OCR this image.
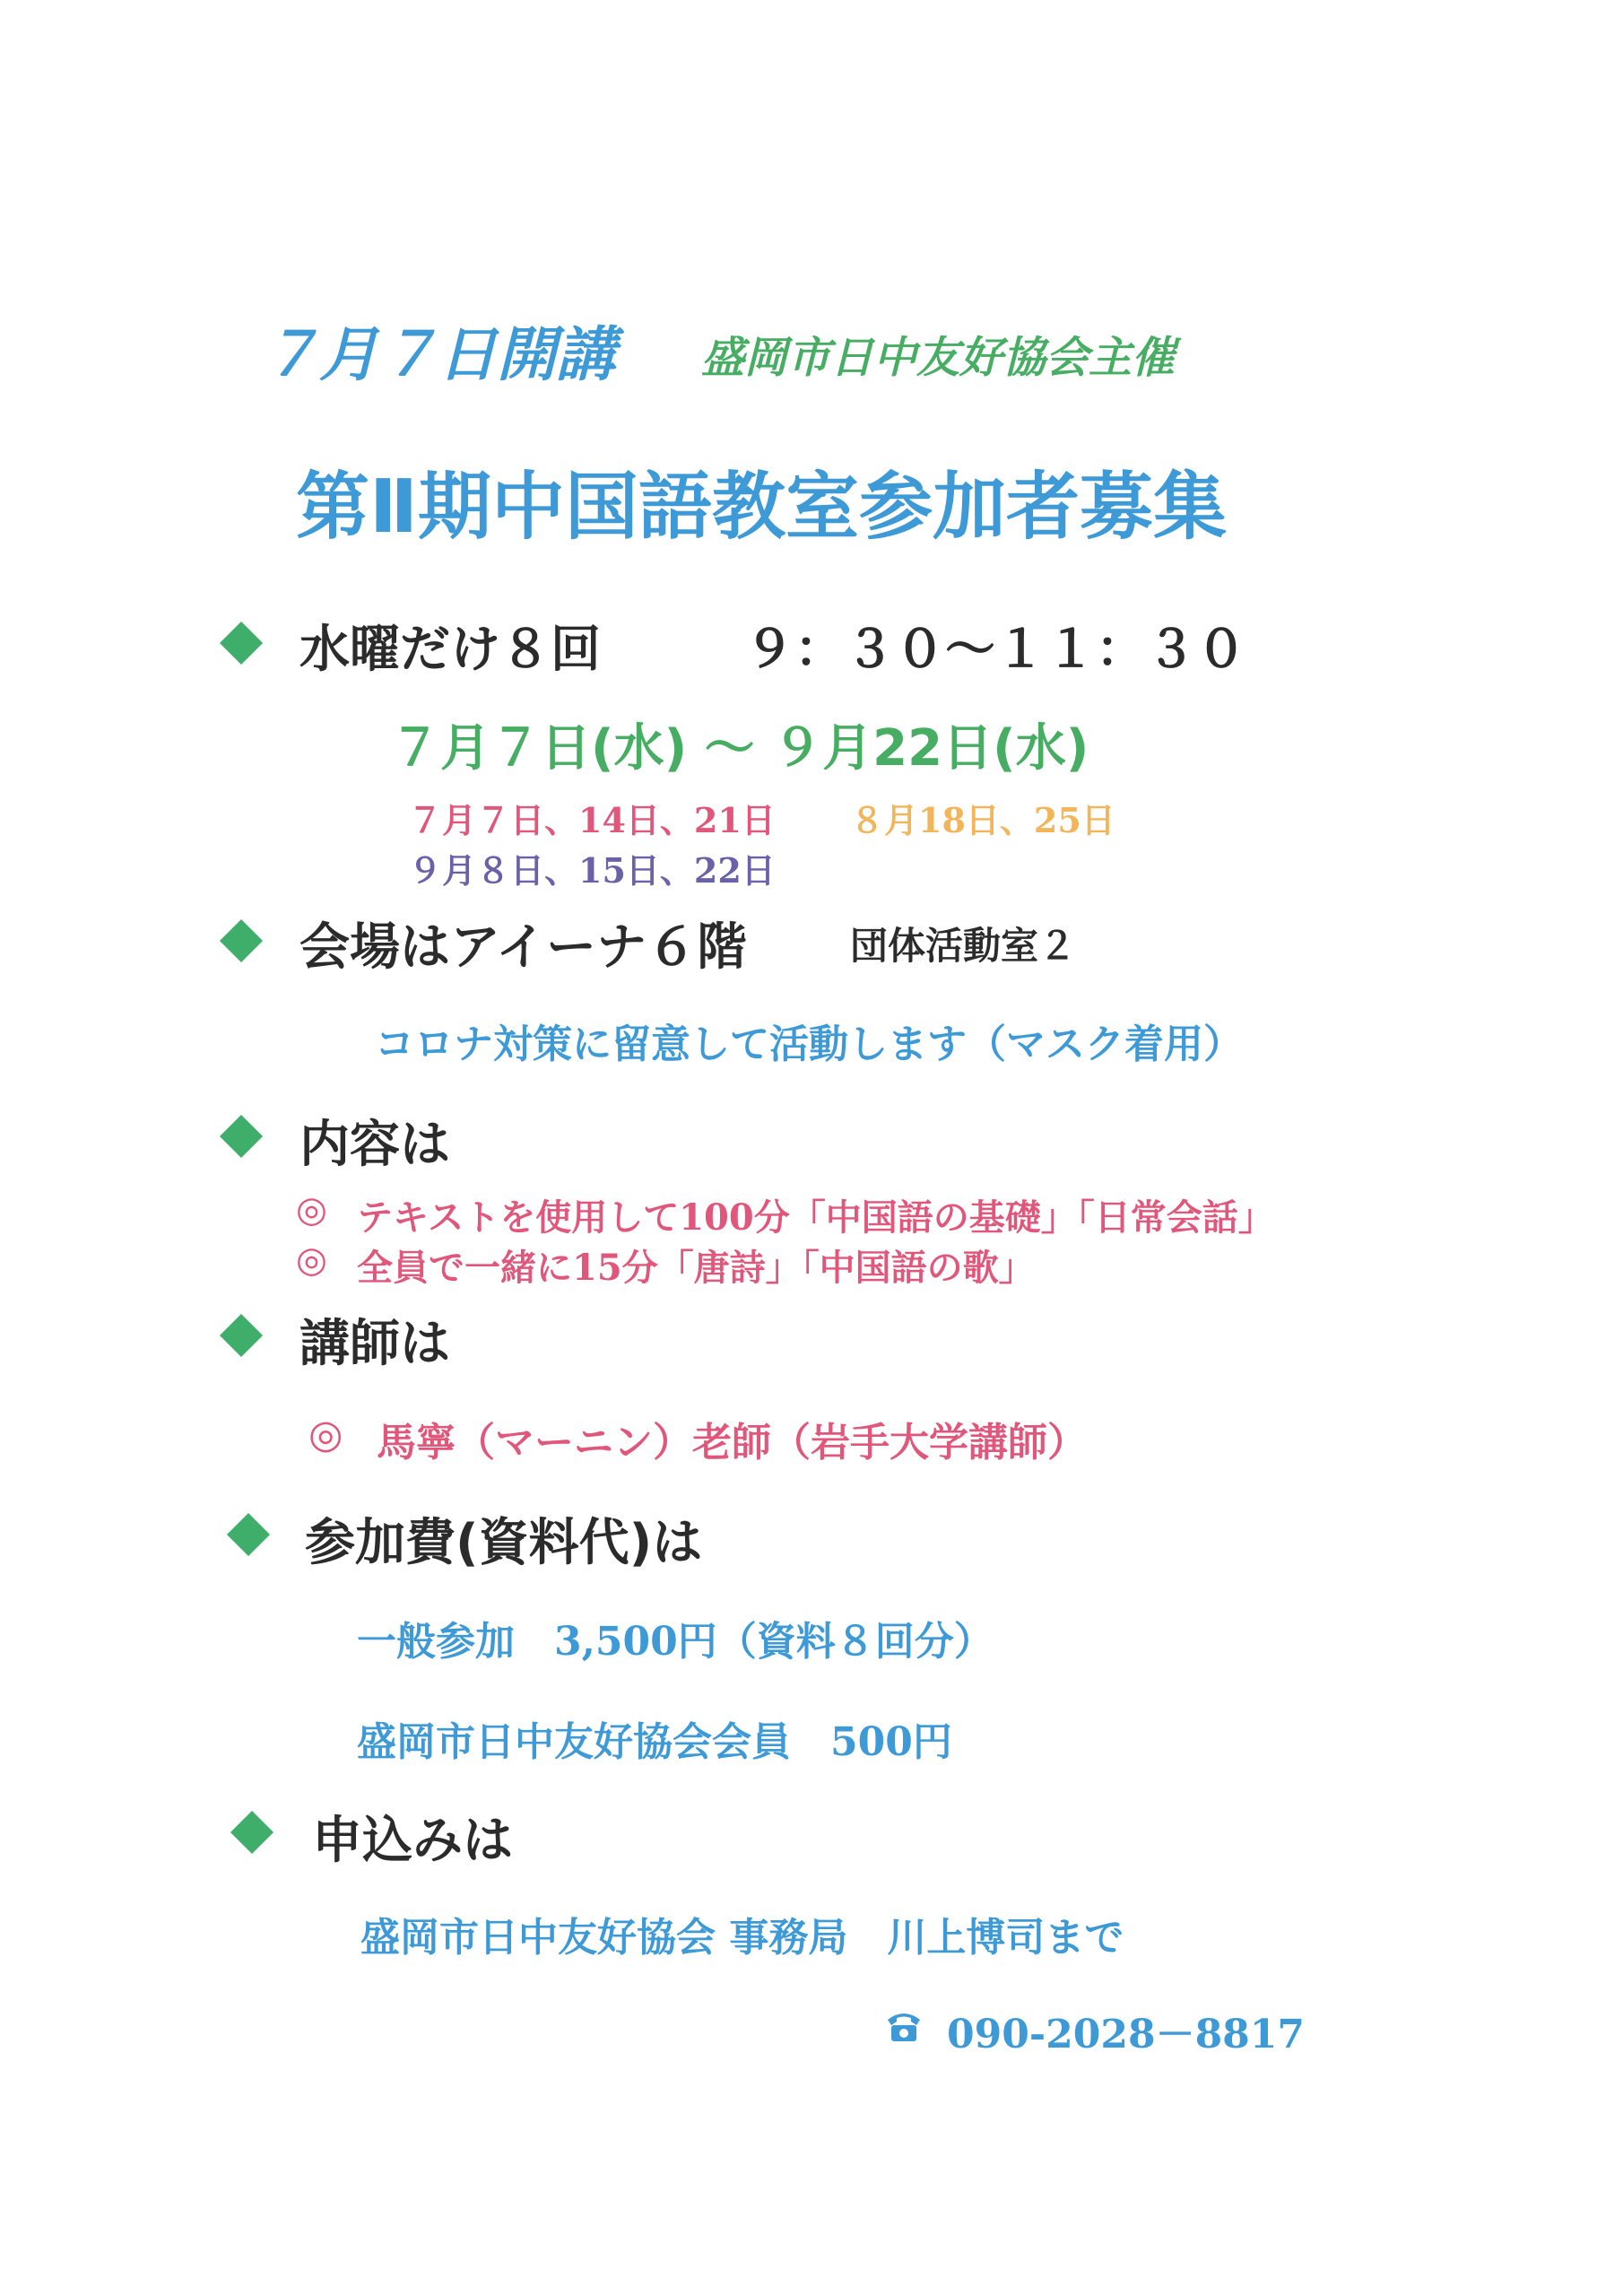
７月７日開講 盛岡市日中友好協会主催
第Ⅱ期中国語教室参加者募集
水曜だけ８回	９：３０～１１：３０
７月７日(水) ～ ９月22日(水)
７月７日、14日、21日 ８月18日、25日
９月８日、15日、22日
会場はアイーナ６階	団体活動室２
コロナ対策に留意して活動します（マスク着用）
内容は
◎ テキストを使用して100分「中国語の基礎」「日常会話」
◎ 全員で一緒に15分「唐詩」「中国語の歌」
講師は
◎ 馬寧（マーニン）老師（岩手大学講師）
参加費(資料代)は
一般参加　3,500円（資料８回分）
盛岡市日中友好協会会員　500円
申込みは
盛岡市日中友好協会 事務局　川上博司まで
090‐2028－8817
